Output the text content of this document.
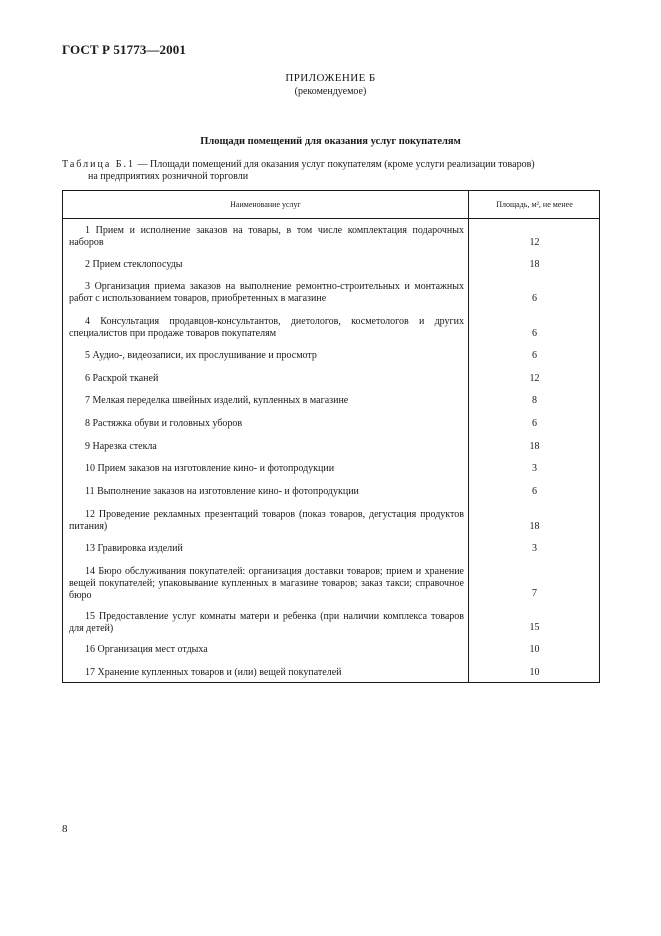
ГОСТ Р 51773—2001
ПРИЛОЖЕНИЕ Б
(рекомендуемое)
Площади помещений для оказания услуг покупателям
Таблица Б.1 — Площади помещений для оказания услуг покупателям (кроме услуги реализации товаров)
на предприятиях розничной торговли
Наименование услуг	Площадь, м², не менее
1 Прием и исполнение заказов на товары, в том числе комплектация подарочных наборов	12
2 Прием стеклопосуды	18
3 Организация приема заказов на выполнение ремонтно-строительных и монтажных работ с использованием товаров, приобретенных в магазине	6
4 Консультация продавцов-консультантов, диетологов, косметологов и других специалистов при продаже товаров покупателям	6
5 Аудио-, видеозаписи, их прослушивание и просмотр	6
6 Раскрой тканей	12
7 Мелкая переделка швейных изделий, купленных в магазине	8
8 Растяжка обуви и головных уборов	6
9 Нарезка стекла	18
10 Прием заказов на изготовление кино- и фотопродукции	3
11 Выполнение заказов на изготовление кино- и фотопродукции	6
12 Проведение рекламных презентаций товаров (показ товаров, дегустация продуктов питания)	18
13 Гравировка изделий	3
14 Бюро обслуживания покупателей: организация доставки товаров; прием и хранение вещей покупателей; упаковывание купленных в магазине товаров; заказ такси; справочное бюро	7
15 Предоставление услуг комнаты матери и ребенка (при наличии комплекса товаров для детей)	15
16 Организация мест отдыха	10
17 Хранение купленных товаров и (или) вещей покупателей	10
8
